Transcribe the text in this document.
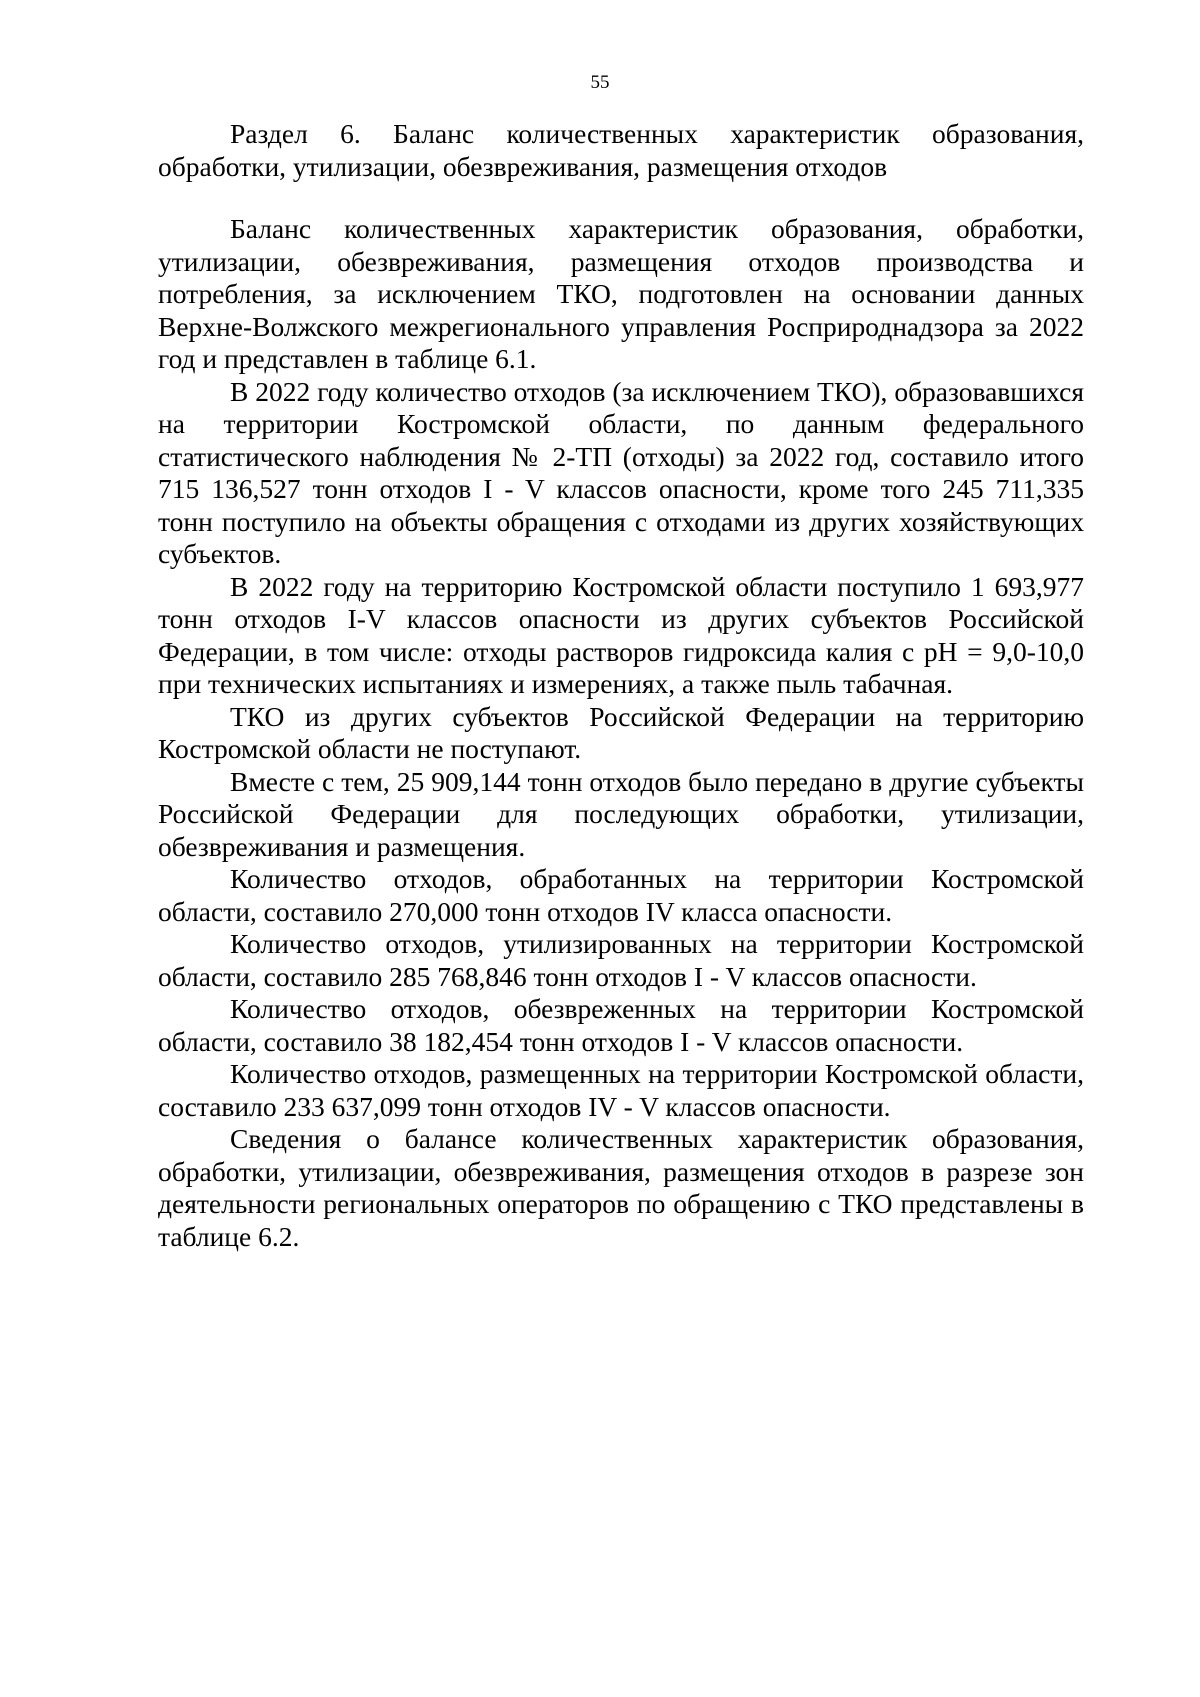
55

Раздел 6. Баланс количественных характеристик образования, обработки, утилизации, обезвреживания, размещения отходов

Баланс количественных характеристик образования, обработки, утилизации, обезвреживания, размещения отходов производства и потребления, за исключением ТКО, подготовлен на основании данных Верхне-Волжского межрегионального управления Росприроднадзора за 2022 год и представлен в таблице 6.1.

В 2022 году количество отходов (за исключением ТКО), образовавшихся на территории Костромской области, по данным федерального статистического наблюдения № 2-ТП (отходы) за 2022 год, составило итого 715 136,527 тонн отходов I - V классов опасности, кроме того 245 711,335 тонн поступило на объекты обращения с отходами из других хозяйствующих субъектов.

В 2022 году на территорию Костромской области поступило 1 693,977 тонн отходов I-V классов опасности из других субъектов Российской Федерации, в том числе: отходы растворов гидроксида калия с pH = 9,0-10,0 при технических испытаниях и измерениях, а также пыль табачная.

ТКО из других субъектов Российской Федерации на территорию Костромской области не поступают.

Вместе с тем, 25 909,144 тонн отходов было передано в другие субъекты Российской Федерации для последующих обработки, утилизации, обезвреживания и размещения.

Количество отходов, обработанных на территории Костромской области, составило 270,000 тонн отходов IV класса опасности.

Количество отходов, утилизированных на территории Костромской области, составило 285 768,846 тонн отходов I - V классов опасности.

Количество отходов, обезвреженных на территории Костромской области, составило 38 182,454 тонн отходов I - V классов опасности.

Количество отходов, размещенных на территории Костромской области, составило 233 637,099 тонн отходов IV - V классов опасности.

Сведения о балансе количественных характеристик образования, обработки, утилизации, обезвреживания, размещения отходов в разрезе зон деятельности региональных операторов по обращению с ТКО представлены в таблице 6.2.
